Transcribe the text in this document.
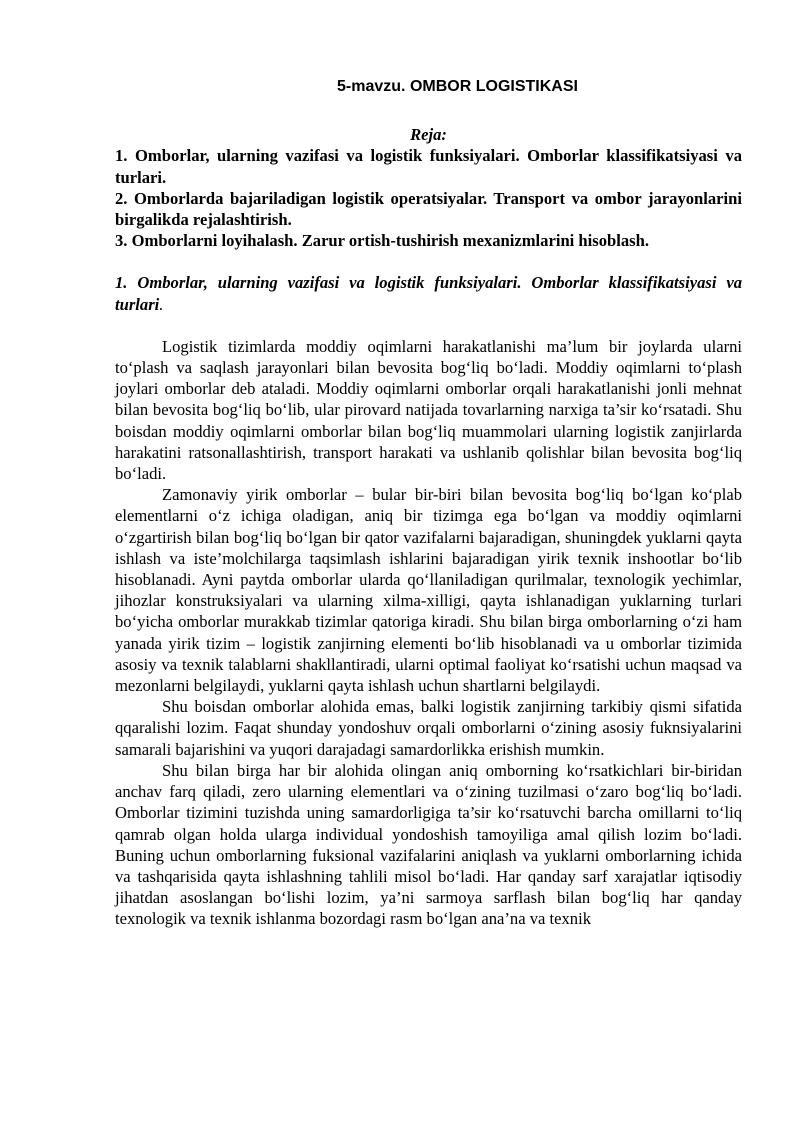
5-mavzu. OMBOR LOGISTIKASI

Reja:

1. Omborlar, ularning vazifasi va logistik funksiyalari. Omborlar klassifikatsiyasi va turlari.

2. Omborlarda bajariladigan logistik operatsiyalar. Transport va ombor jarayonlarini birgalikda rejalashtirish.

3. Omborlarni loyihalash. Zarur ortish-tushirish mexanizmlarini hisoblash.

1. Omborlar, ularning vazifasi va logistik funksiyalari. Omborlar klassifikatsiyasi va turlari.

Logistik tizimlarda moddiy oqimlarni harakatlanishi ma’lum bir joylarda ularni to‘plash va saqlash jarayonlari bilan bevosita bog‘liq bo‘ladi. Moddiy oqimlarni to‘plash joylari omborlar deb ataladi. Moddiy oqimlarni omborlar orqali harakatlanishi jonli mehnat bilan bevosita bog‘liq bo‘lib, ular pirovard natijada tovarlarning narxiga ta’sir ko‘rsatadi. Shu boisdan moddiy oqimlarni omborlar bilan bog‘liq muammolari ularning logistik zanjirlarda harakatini ratsonallashtirish, transport harakati va ushlanib qolishlar bilan bevosita bog‘liq bo‘ladi.

Zamonaviy yirik omborlar – bular bir-biri bilan bevosita bog‘liq bo‘lgan ko‘plab elementlarni o‘z ichiga oladigan, aniq bir tizimga ega bo‘lgan va moddiy oqimlarni o‘zgartirish bilan bog‘liq bo‘lgan bir qator vazifalarni bajaradigan, shuningdek yuklarni qayta ishlash va iste’molchilarga taqsimlash ishlarini bajaradigan yirik texnik inshootlar bo‘lib hisoblanadi. Ayni paytda omborlar ularda qo‘llaniladigan qurilmalar, texnologik yechimlar, jihozlar konstruksiyalari va ularning xilma-xilligi, qayta ishlanadigan yuklarning turlari bo‘yicha omborlar murakkab tizimlar qatoriga kiradi. Shu bilan birga omborlarning o‘zi ham yanada yirik tizim – logistik zanjirning elementi bo‘lib hisoblanadi va u omborlar tizimida asosiy va texnik talablarni shakllantiradi, ularni optimal faoliyat ko‘rsatishi uchun maqsad va mezonlarni belgilaydi, yuklarni qayta ishlash uchun shartlarni belgilaydi.

Shu boisdan omborlar alohida emas, balki logistik zanjirning tarkibiy qismi sifatida qqaralishi lozim. Faqat shunday yondoshuv orqali omborlarni o‘zining asosiy fuknsiyalarini samarali bajarishini va yuqori darajadagi samardorlikka erishish mumkin.

Shu bilan birga har bir alohida olingan aniq omborning ko‘rsatkichlari bir-biridan anchav farq qiladi, zero ularning elementlari va o‘zining tuzilmasi o‘zaro bog‘liq bo‘ladi. Omborlar tizimini tuzishda uning samardorligiga ta’sir ko‘rsatuvchi barcha omillarni to‘liq qamrab olgan holda ularga individual yondoshish tamoyiliga amal qilish lozim bo‘ladi. Buning uchun omborlarning fuksional vazifalarini aniqlash va yuklarni omborlarning ichida va tashqarisida qayta ishlashning tahlili misol bo‘ladi. Har qanday sarf xarajatlar iqtisodiy jihatdan asoslangan bo‘lishi lozim, ya’ni sarmoya sarflash bilan bog‘liq har qanday texnologik va texnik ishlanma bozordagi rasm bo‘lgan ana’na va texnik
